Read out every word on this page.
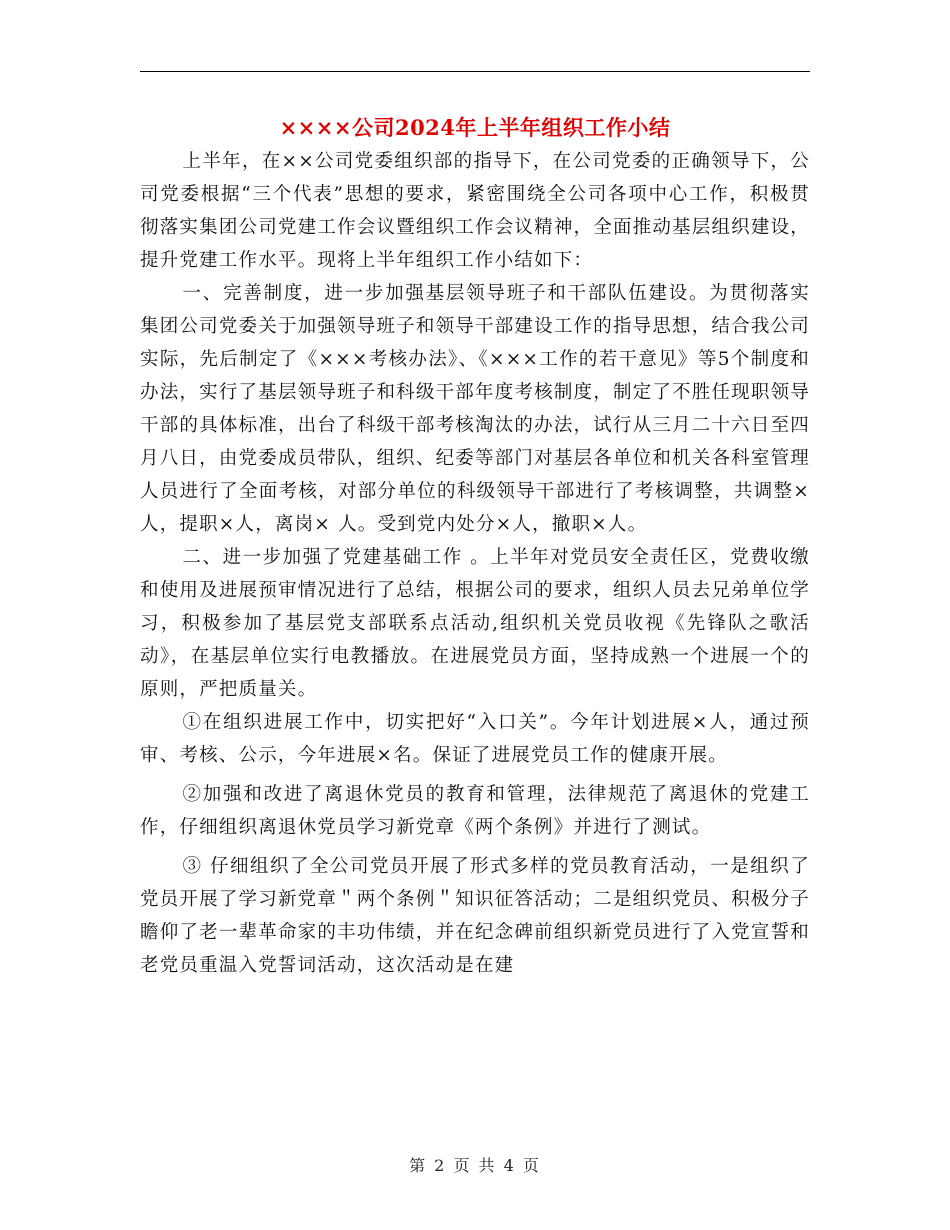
××××公司2024年上半年组织工作小结

上半年，在××公司党委组织部的指导下，在公司党委的正确领导下，公司党委根据“三个代表”思想的要求，紧密围绕全公司各项中心工作，积极贯彻落实集团公司党建工作会议暨组织工作会议精神，全面推动基层组织建设，提升党建工作水平。现将上半年组织工作小结如下：

一、完善制度，进一步加强基层领导班子和干部队伍建设。为贯彻落实集团公司党委关于加强领导班子和领导干部建设工作的指导思想，结合我公司实际，先后制定了《×××考核办法》、《×××工作的若干意见》等5个制度和办法，实行了基层领导班子和科级干部年度考核制度，制定了不胜任现职领导干部的具体标准，出台了科级干部考核淘汰的办法，试行从三月二十六日至四月八日，由党委成员带队，组织、纪委等部门对基层各单位和机关各科室管理人员进行了全面考核，对部分单位的科级领导干部进行了考核调整，共调整×人，提职×人，离岗× 人。受到党内处分×人，撤职×人。

二、进一步加强了党建基础工作 。上半年对党员安全责任区，党费收缴和使用及进展预审情况进行了总结，根据公司的要求，组织人员去兄弟单位学习，积极参加了基层党支部联系点活动,组织机关党员收视《先锋队之歌活动》，在基层单位实行电教播放。在进展党员方面，坚持成熟一个进展一个的原则，严把质量关。

①在组织进展工作中，切实把好“入口关”。今年计划进展×人，通过预审、考核、公示，今年进展×名。保证了进展党员工作的健康开展。

②加强和改进了离退休党员的教育和管理，法律规范了离退休的党建工作，仔细组织离退休党员学习新党章《两个条例》并进行了测试。

③ 仔细组织了全公司党员开展了形式多样的党员教育活动，一是组织了党员开展了学习新党章＂两个条例＂知识征答活动；二是组织党员、积极分子瞻仰了老一辈革命家的丰功伟绩，并在纪念碑前组织新党员进行了入党宣誓和老党员重温入党誓词活动，这次活动是在建

第 2 页 共 4 页
